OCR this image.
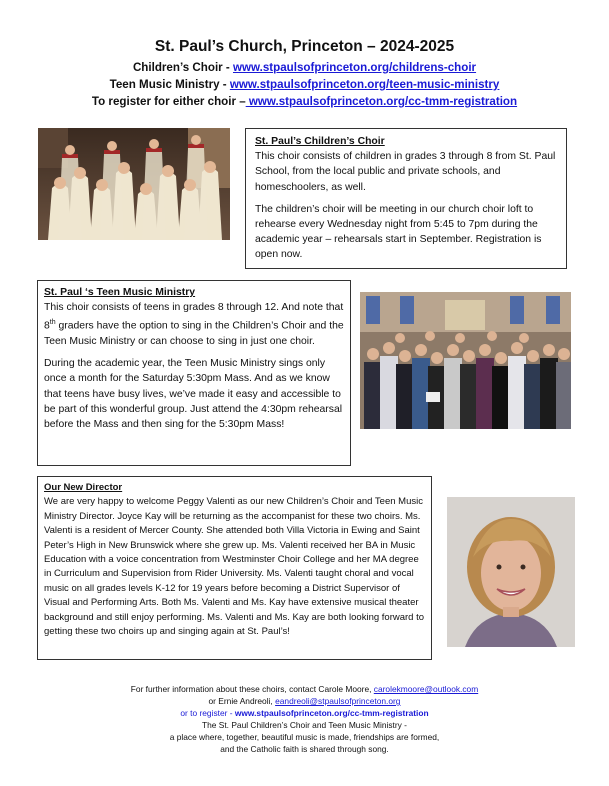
St. Paul’s Church, Princeton – 2024-2025
Children’s Choir - www.stpaulsofprinceton.org/childrens-choir
Teen Music Ministry - www.stpaulsofprinceton.org/teen-music-ministry
To register for either choir – www.stpaulsofprinceton.org/cc-tmm-registration
St. Paul’s Children’s Choir

This choir consists of children in grades 3 through 8 from St. Paul School, from the local public and private schools, and homeschoolers, as well.

The children’s choir will be meeting in our church choir loft to rehearse every Wednesday night from 5:45 to 7pm during the academic year – rehearsals start in September. Registration is open now.

St. Paul ‘s Teen Music Ministry

This choir consists of teens in grades 8 through 12. And note that 8th graders have the option to sing in the Children’s Choir and the Teen Music Ministry or can choose to sing in just one choir.

During the academic year, the Teen Music Ministry sings only once a month for the Saturday 5:30pm Mass. And as we know that teens have busy lives, we’ve made it easy and accessible to be part of this wonderful group. Just attend the 4:30pm rehearsal before the Mass and then sing for the 5:30pm Mass!

Our New Director

We are very happy to welcome Peggy Valenti as our new Children’s Choir and Teen Music Ministry Director. Joyce Kay will be returning as the accompanist for these two choirs. Ms. Valenti is a resident of Mercer County. She attended both Villa Victoria in Ewing and Saint Peter’s High in New Brunswick where she grew up. Ms. Valenti received her BA in Music Education with a voice concentration from Westminster Choir College and her MA degree in Curriculum and Supervision from Rider University. Ms. Valenti taught choral and vocal music on all grades levels K-12 for 19 years before becoming a District Supervisor of Visual and Performing Arts. Both Ms. Valenti and Ms. Kay have extensive musical theater background and still enjoy performing. Ms. Valenti and Ms. Kay are both looking forward to getting these two choirs up and singing again at St. Paul’s!

For further information about these choirs, contact Carole Moore, carolekmoore@outlook.com
or Ernie Andreoli, eandreoli@stpaulsofprinceton.org
or to register - www.stpaulsofprinceton.org/cc-tmm-registration
The St. Paul Children’s Choir and Teen Music Ministry -
a place where, together, beautiful music is made, friendships are formed,
and the Catholic faith is shared through song.
